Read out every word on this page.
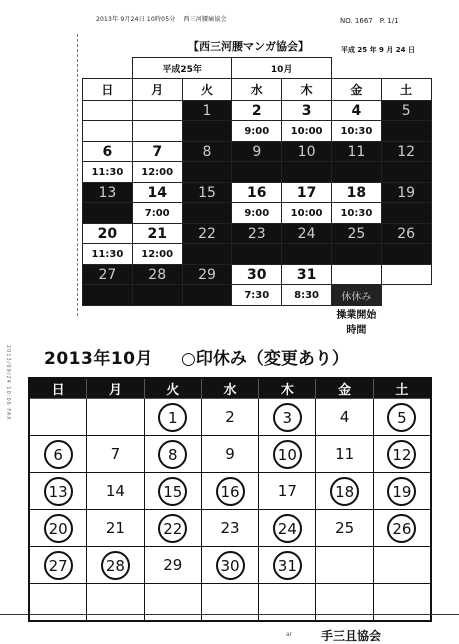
2013年 9月24日 10時05分 西三河腰痛協会	NO. 1667　P. 1/1
【西三河腰マンガ協会】	平成 25 年 9 月 24 日
	平成25年		10月			
日	月	火	水	木	金	土
		1	2	3	4	5
			9:00	10:00	10:30	
6	7	8	9	10	11	12
11:30	12:00					
13	14	15	16	17	18	19
	7:00		9:00	10:00	10:30	
20	21	22	23	24	25	26
11:30	12:00					
27	28	29	30	31		
			7:30	8:30	休休み	
					操業開始時間	
2013/09/24 10:06 FAX 2013年10月 ○印休み（変更あり）
日	月	火	水	木	金	土
		1	2	3	4	5
6	7	8	9	10	11	12
13	14	15	16	17	18	19
20	21	22	23	24	25	26
27	28	29	30	31		

ar 手三且協会
